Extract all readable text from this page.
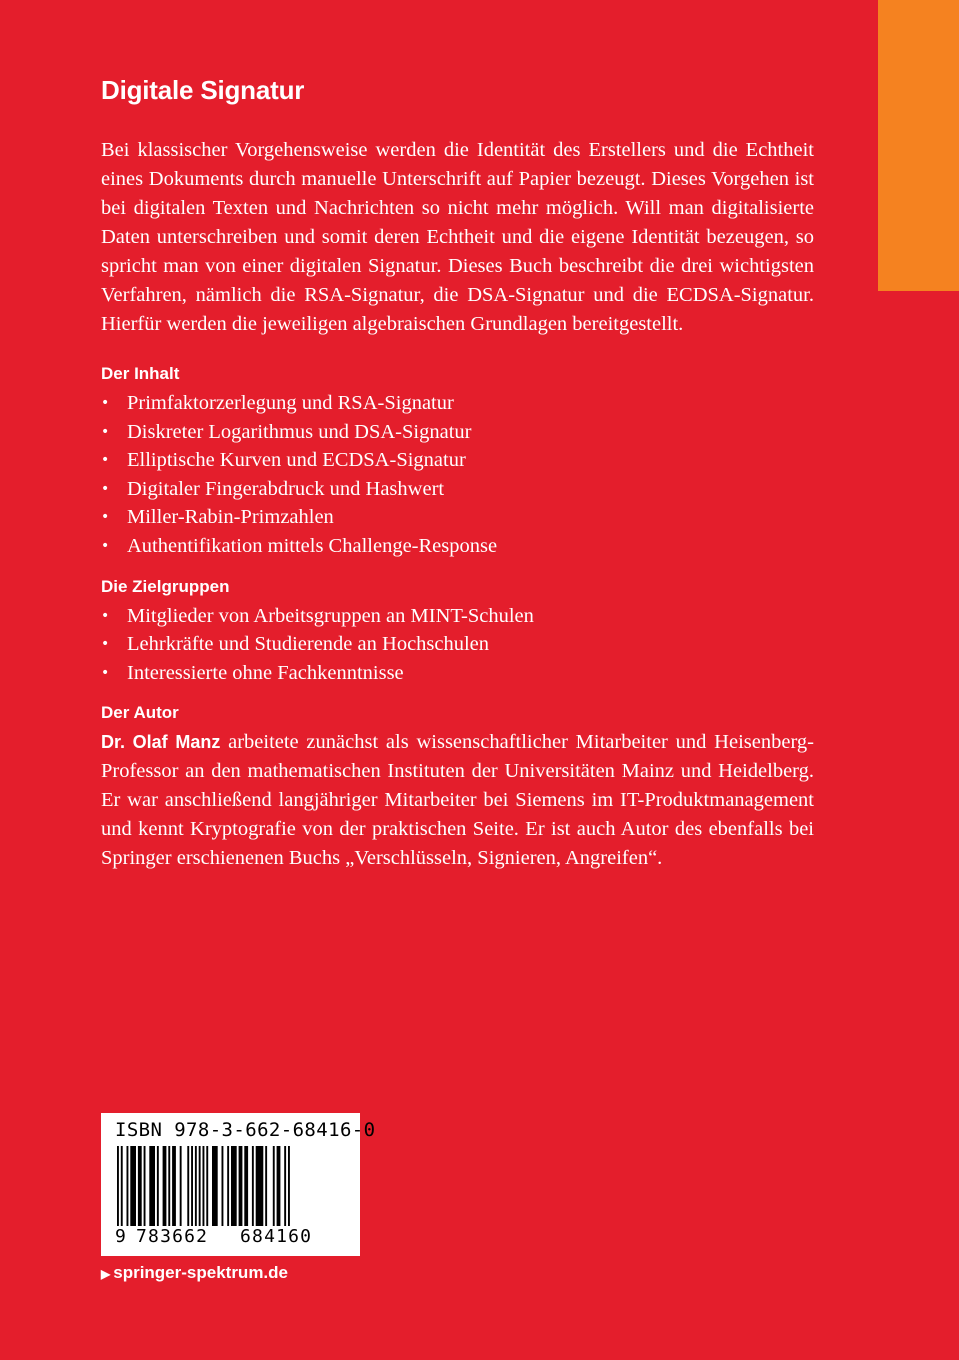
Digitale Signatur

Bei klassischer Vorgehensweise werden die Identität des Erstellers und die Echtheit eines Dokuments durch manuelle Unterschrift auf Papier bezeugt. Dieses Vorgehen ist bei digitalen Texten und Nachrichten so nicht mehr möglich. Will man digitalisierte Daten unterschreiben und somit deren Echtheit und die eigene Identität bezeugen, so spricht man von einer digitalen Signatur. Dieses Buch beschreibt die drei wichtigsten Verfahren, nämlich die RSA-Signatur, die DSA-Signatur und die ECDSA-Signatur. Hierfür werden die jeweiligen algebraischen Grundlagen bereitgestellt.

Der Inhalt
• Primfaktorzerlegung und RSA-Signatur
• Diskreter Logarithmus und DSA-Signatur
• Elliptische Kurven und ECDSA-Signatur
• Digitaler Fingerabdruck und Hashwert
• Miller-Rabin-Primzahlen
• Authentifikation mittels Challenge-Response
Die Zielgruppen
• Mitglieder von Arbeitsgruppen an MINT-Schulen
• Lehrkräfte und Studierende an Hochschulen
• Interessierte ohne Fachkenntnisse
Der Autor

Dr. Olaf Manz arbeitete zunächst als wissenschaftlicher Mitarbeiter und Heisenberg-Professor an den mathematischen Instituten der Universitäten Mainz und Heidelberg. Er war anschließend langjähriger Mitarbeiter bei Siemens im IT-Produktmanagement und kennt Kryptografie von der praktischen Seite. Er ist auch Autor des ebenfalls bei Springer erschienenen Buchs „Verschlüsseln, Signieren, Angreifen“.

ISBN 978-3-662-68416-0
9 783662 684160
▶ springer-spektrum.de
